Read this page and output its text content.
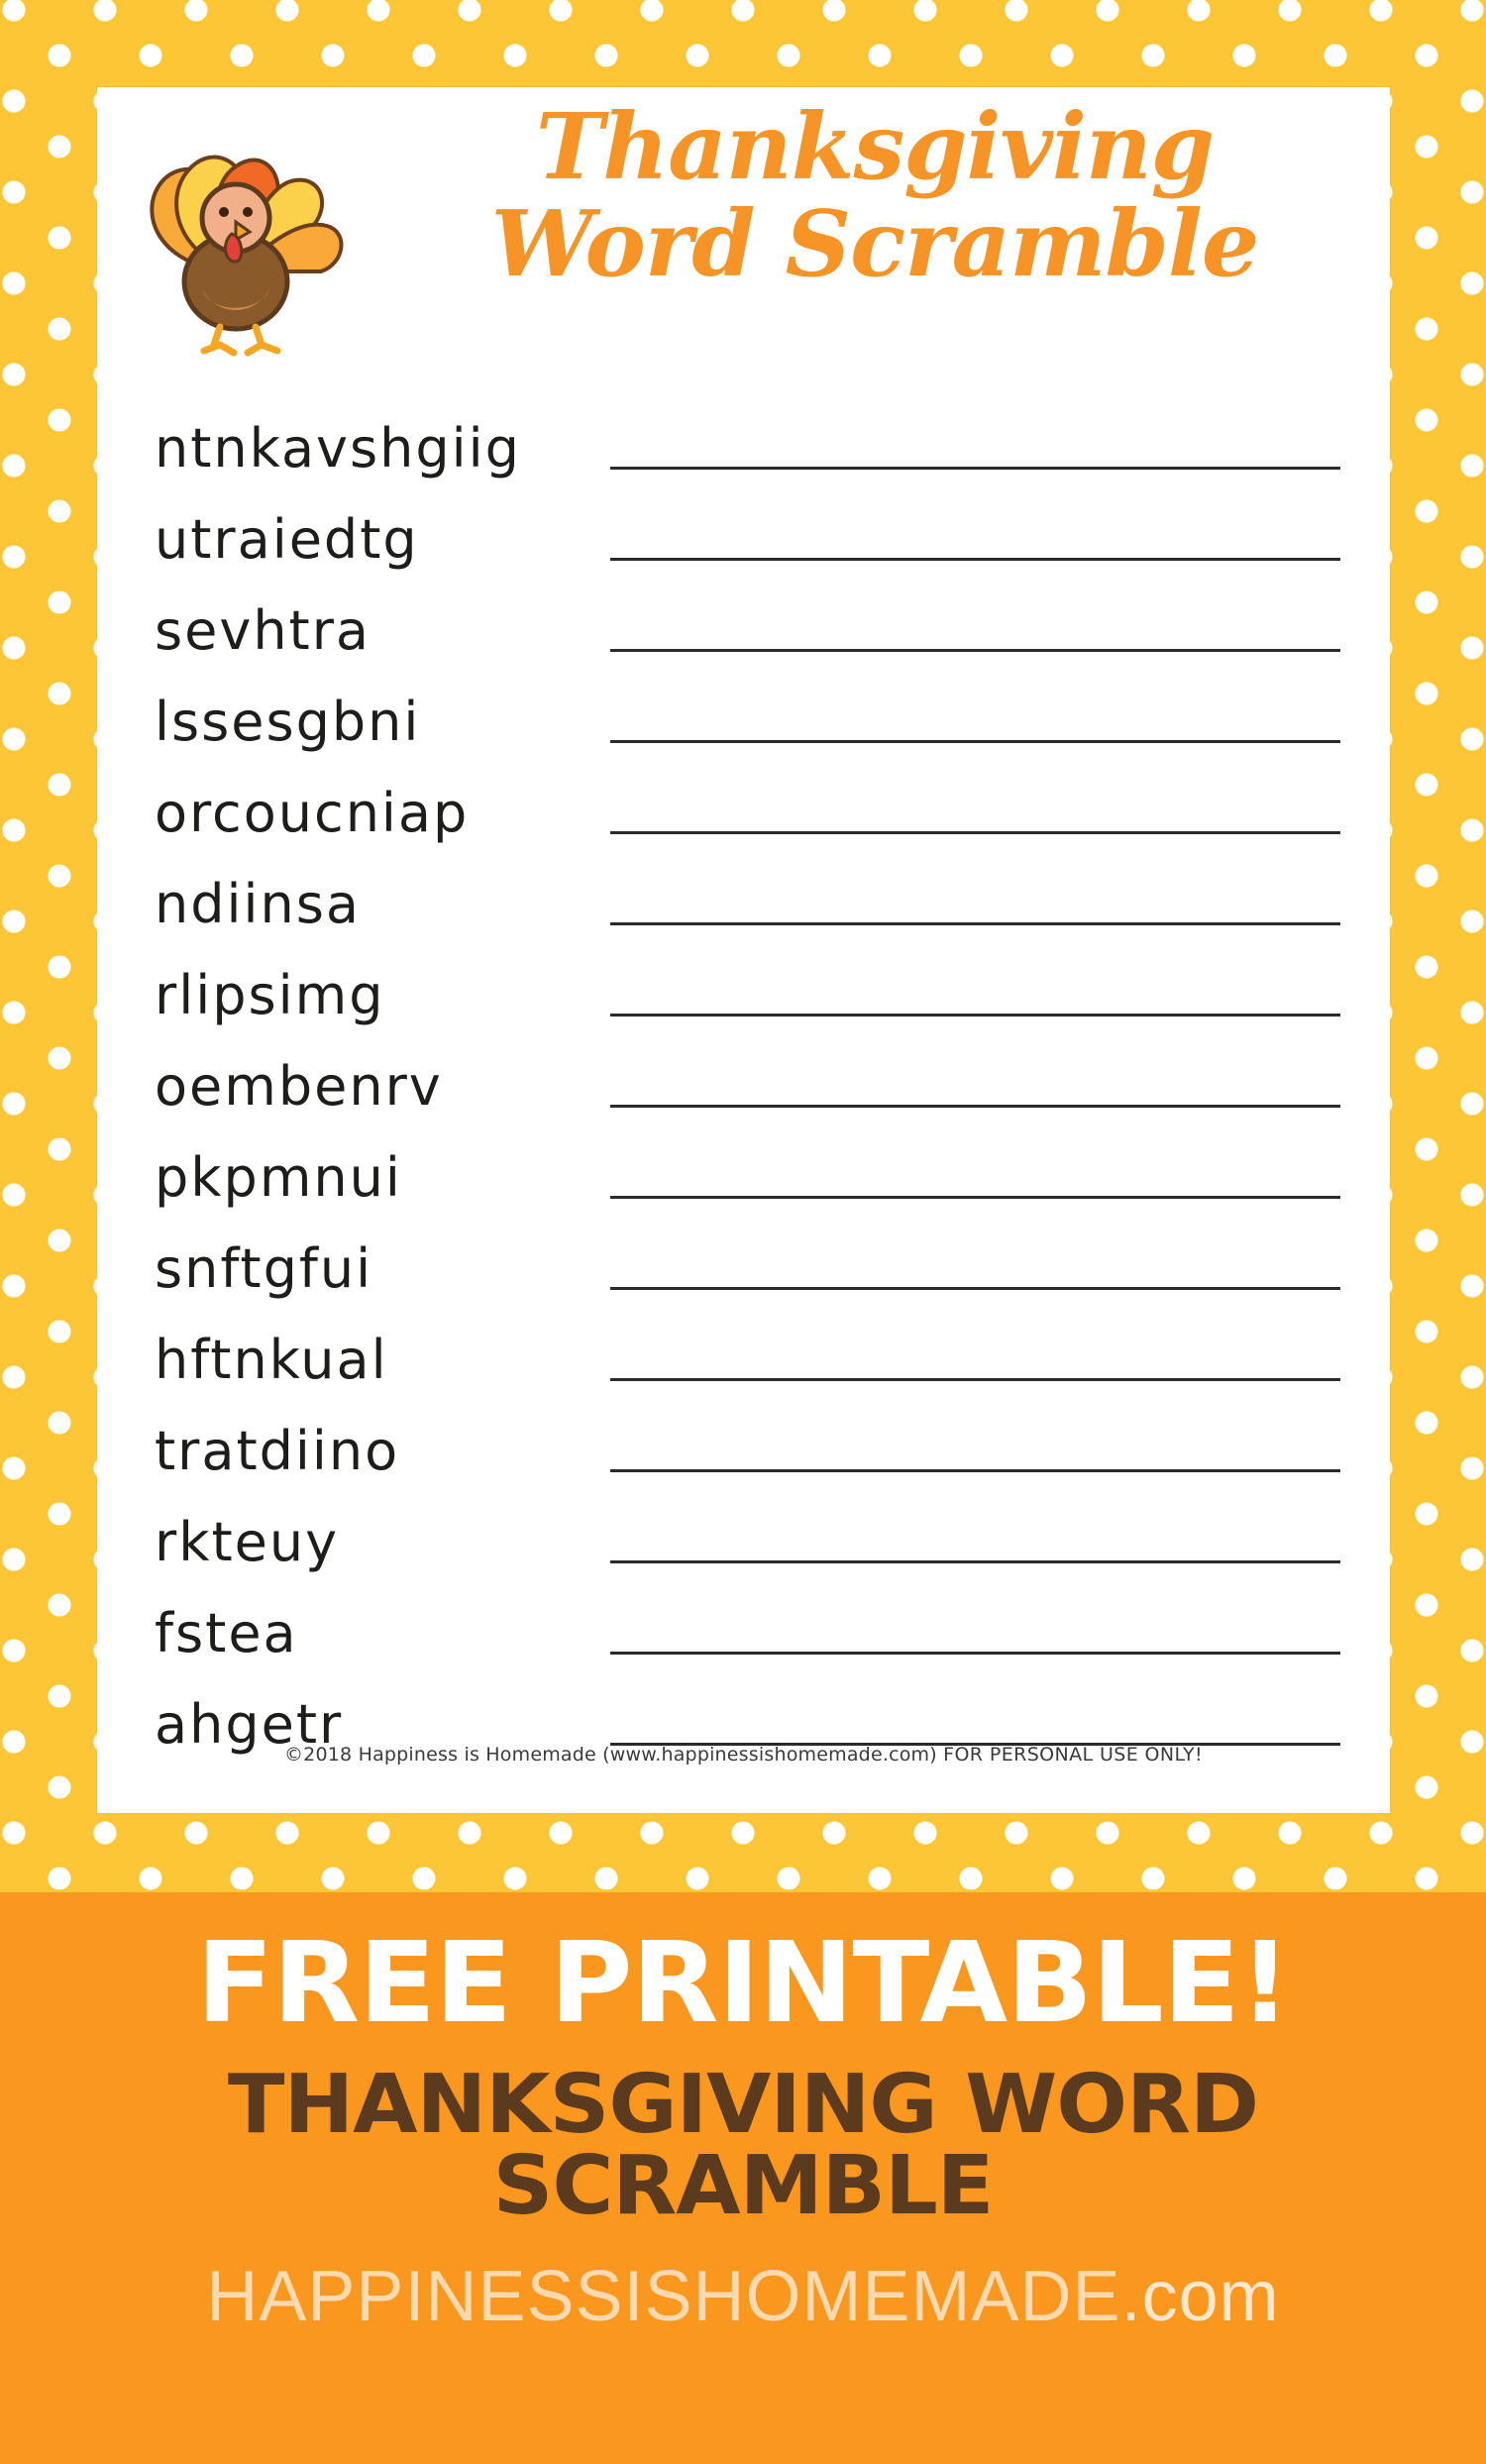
Thanksgiving
Word Scramble
ntnkavshgiig
utraiedtg
sevhtra
lssesgbni
orcoucniap
ndiinsa
rlipsimg
oembenrv
pkpmnui
snftgfui
hftnkual
tratdiino
rkteuy
fstea
ahgetr
©2018 Happiness is Homemade (www.happinessishomemade.com) FOR PERSONAL USE ONLY!
FREE PRINTABLE!
THANKSGIVING WORD SCRAMBLE
HAPPINESSISHOMEMADE.com
